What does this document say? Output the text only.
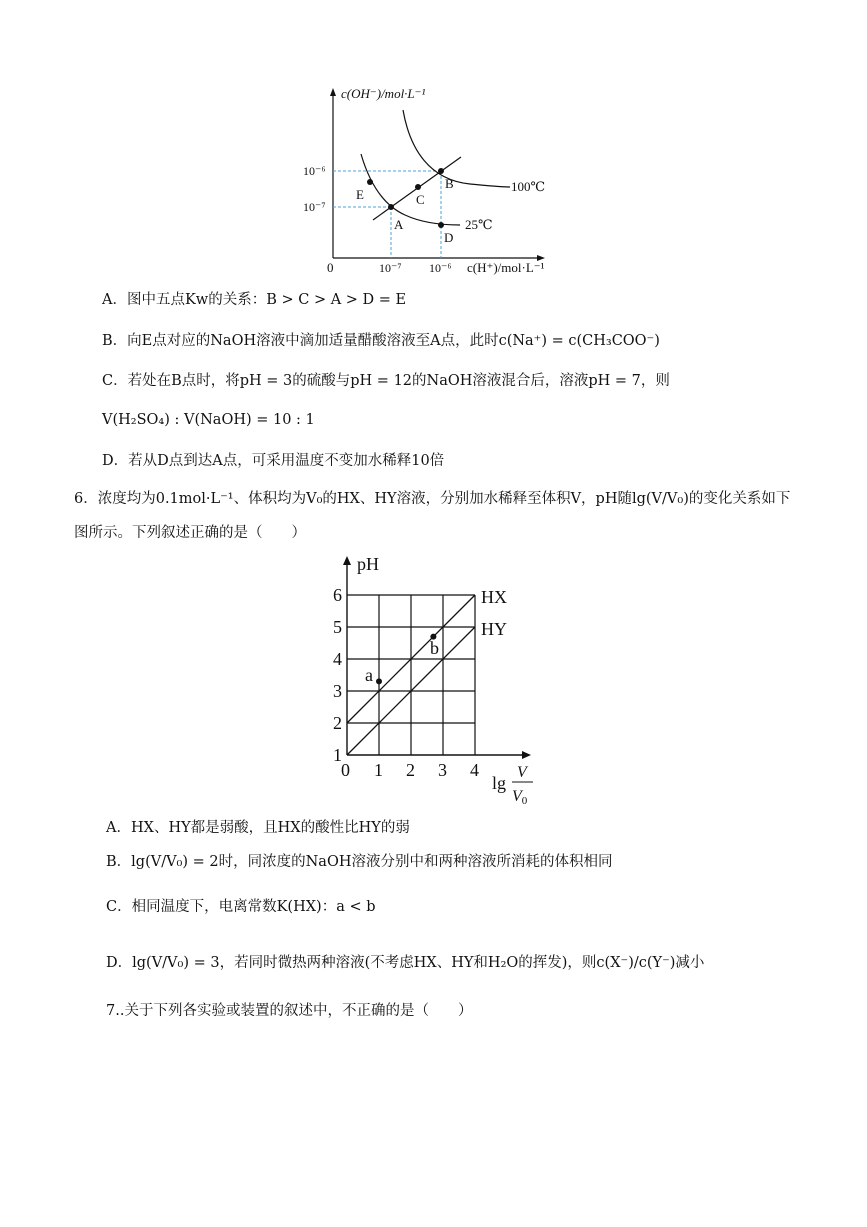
c(OH⁻)/mol·L⁻¹
c(H⁺)/mol·L⁻¹
0
10⁻⁶
10⁻⁷
10⁻⁷ 10⁻⁶
A
B
C
D
E
100℃
25℃
A．图中五点Kw的关系：B > C > A > D = E
B．向E点对应的NaOH溶液中滴加适量醋酸溶液至A点，此时c(Na⁺) = c(CH₃COO⁻)
C．若处在B点时，将pH = 3的硫酸与pH = 12的NaOH溶液混合后，溶液pH = 7，则
V(H₂SO₄) : V(NaOH) = 10 : 1
D．若从D点到达A点，可采用温度不变加水稀释10倍
6．浓度均为0.1mol·L⁻¹、体积均为V₀的HX、HY溶液，分别加水稀释至体积V，pH随lg(V/V₀)的变化关系如下
图所示。下列叙述正确的是（　　）
pH
1
2
3
4
5
6
0 1 2 3 4
lg
V
V0
a
b
HX
HY
A．HX、HY都是弱酸，且HX的酸性比HY的弱
B．lg(V/V₀) = 2时，同浓度的NaOH溶液分别中和两种溶液所消耗的体积相同
C．相同温度下，电离常数K(HX)：a < b
D．lg(V/V₀) = 3，若同时微热两种溶液(不考虑HX、HY和H₂O的挥发)，则c(X⁻)/c(Y⁻)减小
7..关于下列各实验或装置的叙述中，不正确的是（　　）
